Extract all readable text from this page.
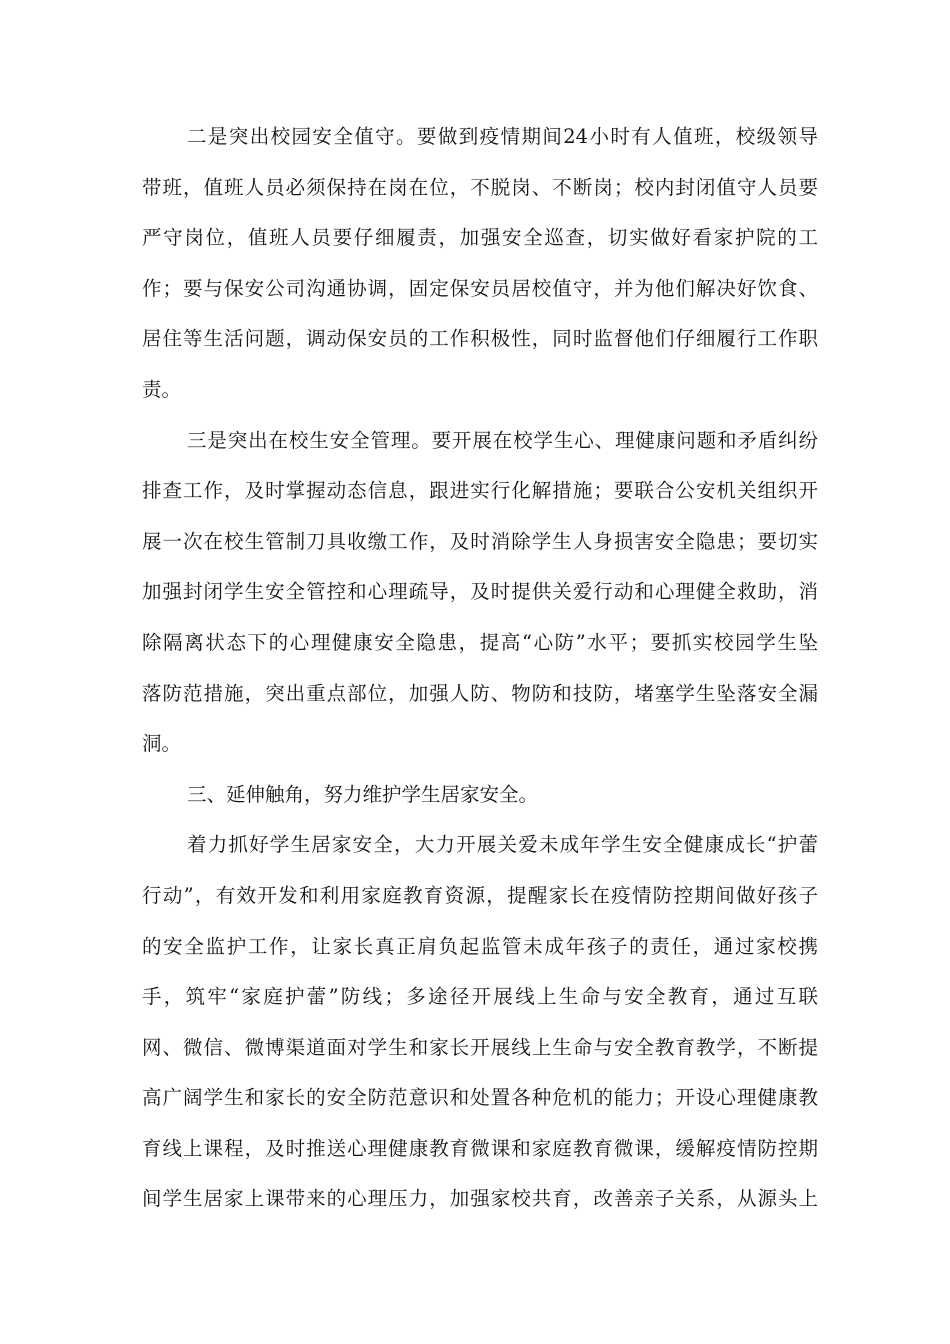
二是突出校园安全值守。要做到疫情期间24小时有人值班，校级领导
带班，值班人员必须保持在岗在位，不脱岗、不断岗；校内封闭值守人员要
严守岗位，值班人员要仔细履责，加强安全巡查，切实做好看家护院的工
作；要与保安公司沟通协调，固定保安员居校值守，并为他们解决好饮食、
居住等生活问题，调动保安员的工作积极性，同时监督他们仔细履行工作职
责。
三是突出在校生安全管理。要开展在校学生心、理健康问题和矛盾纠纷
排查工作，及时掌握动态信息，跟进实行化解措施；要联合公安机关组织开
展一次在校生管制刀具收缴工作，及时消除学生人身损害安全隐患；要切实
加强封闭学生安全管控和心理疏导，及时提供关爱行动和心理健全救助，消
除隔离状态下的心理健康安全隐患，提高“心防”水平；要抓实校园学生坠
落防范措施，突出重点部位，加强人防、物防和技防，堵塞学生坠落安全漏
洞。
三、延伸触角，努力维护学生居家安全。
着力抓好学生居家安全，大力开展关爱未成年学生安全健康成长“护蕾
行动”，有效开发和利用家庭教育资源，提醒家长在疫情防控期间做好孩子
的安全监护工作，让家长真正肩负起监管未成年孩子的责任，通过家校携
手，筑牢“家庭护蕾”防线；多途径开展线上生命与安全教育，通过互联
网、微信、微博渠道面对学生和家长开展线上生命与安全教育教学，不断提
高广阔学生和家长的安全防范意识和处置各种危机的能力；开设心理健康教
育线上课程，及时推送心理健康教育微课和家庭教育微课，缓解疫情防控期
间学生居家上课带来的心理压力，加强家校共育，改善亲子关系，从源头上
